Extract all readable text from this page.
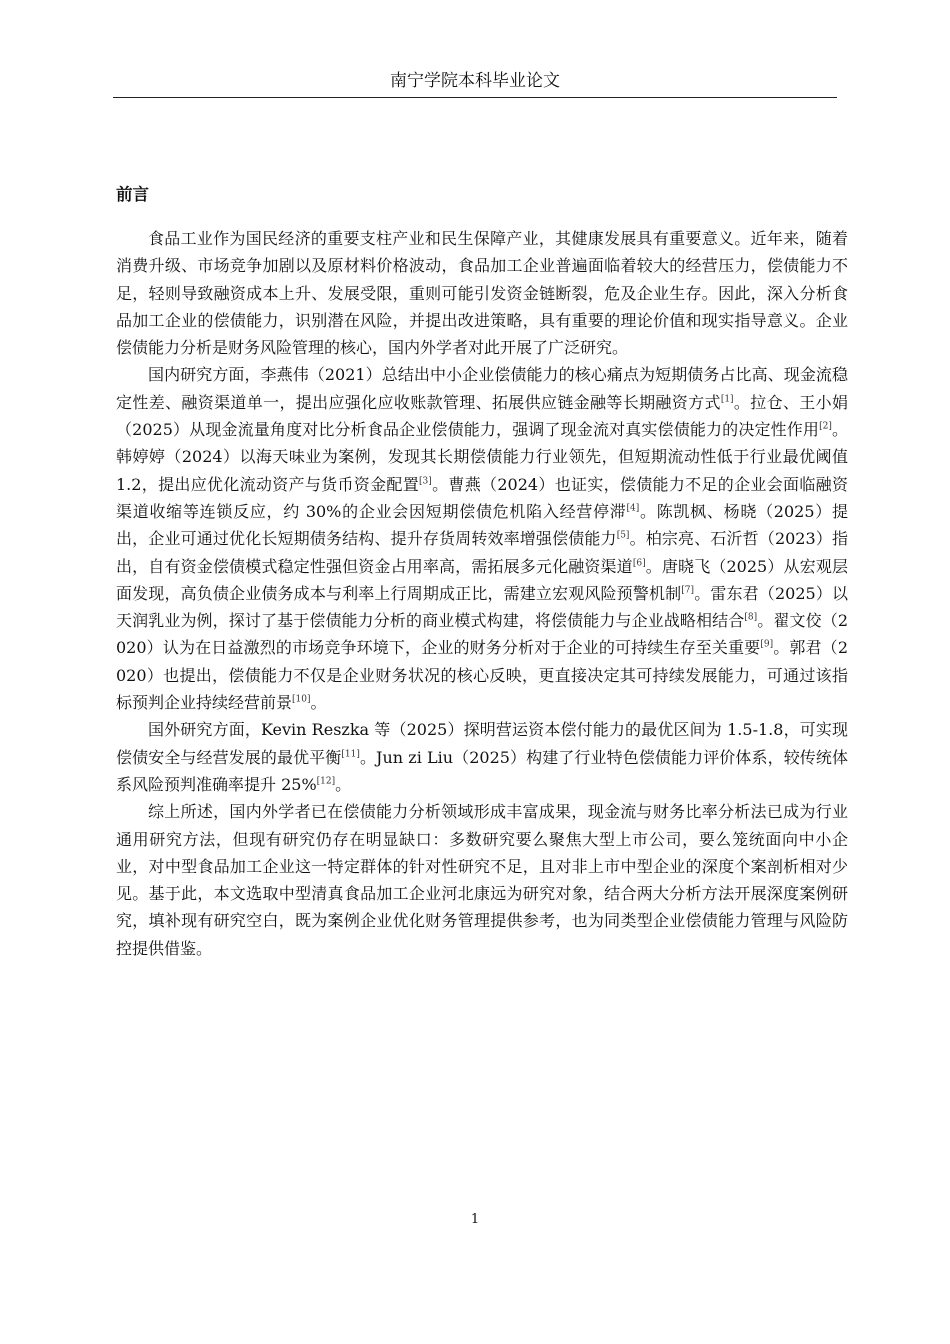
南宁学院本科毕业论文
前言

食品工业作为国民经济的重要支柱产业和民生保障产业，其健康发展具有重要意义。近年来，随着消费升级、市场竞争加剧以及原材料价格波动，食品加工企业普遍面临着较大的经营压力，偿债能力不足，轻则导致融资成本上升、发展受限，重则可能引发资金链断裂，危及企业生存。因此，深入分析食品加工企业的偿债能力，识别潜在风险，并提出改进策略，具有重要的理论价值和现实指导意义。企业偿债能力分析是财务风险管理的核心，国内外学者对此开展了广泛研究。

国内研究方面，李燕伟（2021）总结出中小企业偿债能力的核心痛点为短期债务占比高、现金流稳定性差、融资渠道单一，提出应强化应收账款管理、拓展供应链金融等长期融资方式[1]。拉仓、王小娟（2025）从现金流量角度对比分析食品企业偿债能力，强调了现金流对真实偿债能力的决定性作用[2]。韩婷婷（2024）以海天味业为案例，发现其长期偿债能力行业领先，但短期流动性低于行业最优阈值 1.2，提出应优化流动资产与货币资金配置[3]。曹燕（2024）也证实，偿债能力不足的企业会面临融资渠道收缩等连锁反应，约 30%的企业会因短期偿债危机陷入经营停滞[4]。陈凯枫、杨晓（2025）提出，企业可通过优化长短期债务结构、提升存货周转效率增强偿债能力[5]。柏宗亮、石沂哲（2023）指出，自有资金偿债模式稳定性强但资金占用率高，需拓展多元化融资渠道[6]。唐晓飞（2025）从宏观层面发现，高负债企业债务成本与利率上行周期成正比，需建立宏观风险预警机制[7]。雷东君（2025）以天润乳业为例，探讨了基于偿债能力分析的商业模式构建，将偿债能力与企业战略相结合[8]。翟文佼（2020）认为在日益激烈的市场竞争环境下，企业的财务分析对于企业的可持续生存至关重要[9]。郭君（2020）也提出，偿债能力不仅是企业财务状况的核心反映，更直接决定其可持续发展能力，可通过该指标预判企业持续经营前景[10]。

国外研究方面，Kevin Reszka 等（2025）探明营运资本偿付能力的最优区间为 1.5-1.8，可实现偿债安全与经营发展的最优平衡[11]。Jun zi Liu（2025）构建了行业特色偿债能力评价体系，较传统体系风险预判准确率提升 25%[12]。

综上所述，国内外学者已在偿债能力分析领域形成丰富成果，现金流与财务比率分析法已成为行业通用研究方法，但现有研究仍存在明显缺口：多数研究要么聚焦大型上市公司，要么笼统面向中小企业，对中型食品加工企业这一特定群体的针对性研究不足，且对非上市中型企业的深度个案剖析相对少见。基于此，本文选取中型清真食品加工企业河北康远为研究对象，结合两大分析方法开展深度案例研究，填补现有研究空白，既为案例企业优化财务管理提供参考，也为同类型企业偿债能力管理与风险防控提供借鉴。

1
